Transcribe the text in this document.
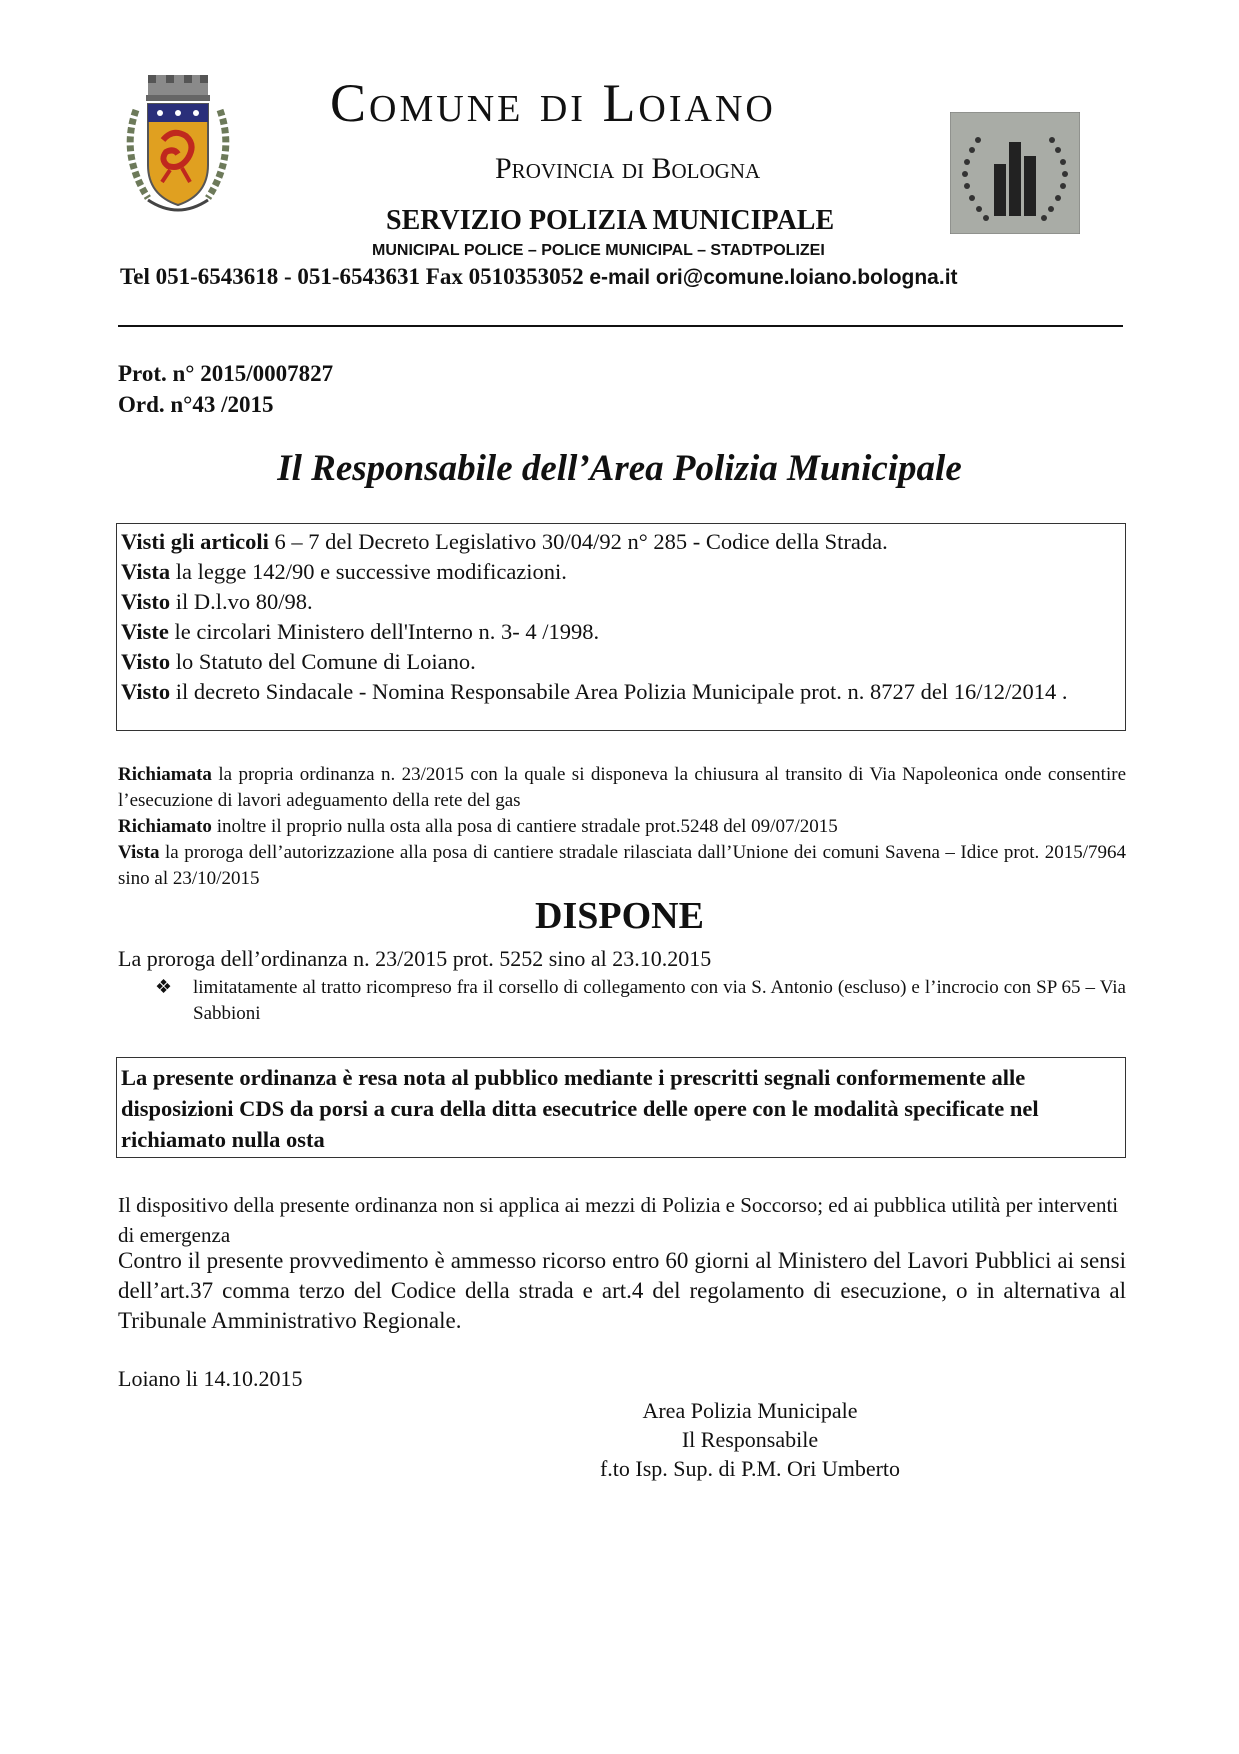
Comune di Loiano
Provincia di Bologna
SERVIZIO POLIZIA MUNICIPALE
MUNICIPAL POLICE – POLICE MUNICIPAL – STADTPOLIZEI
Tel 051-6543618 - 051-6543631 Fax 0510353052 e-mail ori@comune.loiano.bologna.it
Prot. n° 2015/0007827
Ord. n°43 /2015
Il Responsabile dell’Area Polizia Municipale

Visti gli articoli 6 – 7 del Decreto Legislativo 30/04/92 n° 285 - Codice della Strada.

Vista la legge 142/90 e successive modificazioni.

Visto il D.l.vo 80/98.

Viste le circolari Ministero dell'Interno n. 3- 4 /1998.

Visto lo Statuto del Comune di Loiano.

Visto il decreto Sindacale - Nomina Responsabile Area Polizia Municipale prot. n. 8727 del 16/12/2014 .

Richiamata la propria ordinanza n. 23/2015 con la quale si disponeva la chiusura al transito di Via Napoleonica onde consentire l’esecuzione di lavori adeguamento della rete del gas

Richiamato inoltre il proprio nulla osta alla posa di cantiere stradale prot.5248 del 09/07/2015

Vista la proroga dell’autorizzazione alla posa di cantiere stradale rilasciata dall’Unione dei comuni Savena – Idice prot. 2015/7964 sino al 23/10/2015

DISPONE
La proroga dell’ordinanza n. 23/2015 prot. 5252 sino al 23.10.2015
❖ limitatamente al tratto ricompreso fra il corsello di collegamento con via S. Antonio (escluso) e l’incrocio con SP 65 – Via Sabbioni
La presente ordinanza è resa nota al pubblico mediante i prescritti segnali conformemente alle disposizioni CDS da porsi a cura della ditta esecutrice delle opere con le modalità specificate nel richiamato nulla osta
Il dispositivo della presente ordinanza non si applica ai mezzi di Polizia e Soccorso; ed ai pubblica utilità per interventi di emergenza
Contro il presente provvedimento è ammesso ricorso entro 60 giorni al Ministero del Lavori Pubblici ai sensi dell’art.37 comma terzo del Codice della strada e art.4 del regolamento di esecuzione, o in alternativa al Tribunale Amministrativo Regionale.
Loiano li 14.10.2015
Area Polizia Municipale
Il Responsabile
f.to Isp. Sup. di P.M. Ori Umberto
